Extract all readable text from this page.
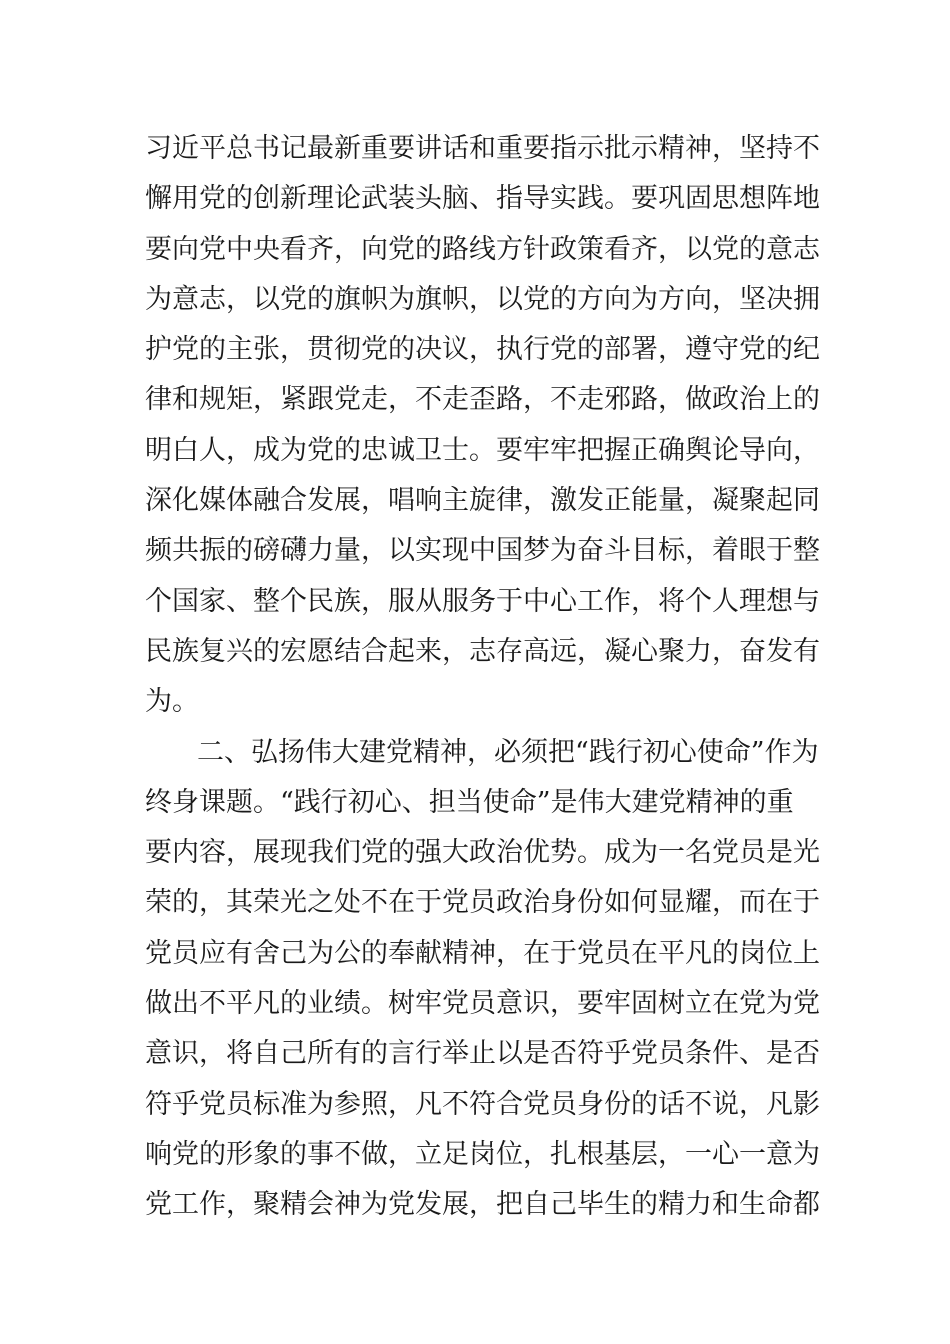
习近平总书记最新重要讲话和重要指示批示精神，坚持不
懈用党的创新理论武装头脑、指导实践。要巩固思想阵地
要向党中央看齐，向党的路线方针政策看齐，以党的意志
为意志，以党的旗帜为旗帜，以党的方向为方向，坚决拥
护党的主张，贯彻党的决议，执行党的部署，遵守党的纪
律和规矩，紧跟党走，不走歪路，不走邪路，做政治上的
明白人，成为党的忠诚卫士。要牢牢把握正确舆论导向，
深化媒体融合发展，唱响主旋律，激发正能量，凝聚起同
频共振的磅礴力量，以实现中国梦为奋斗目标，着眼于整
个国家、整个民族，服从服务于中心工作，将个人理想与
民族复兴的宏愿结合起来，志存高远，凝心聚力，奋发有
为。
二、弘扬伟大建党精神，必须把“践行初心使命”作为
终身课题。“践行初心、担当使命”是伟大建党精神的重
要内容，展现我们党的强大政治优势。成为一名党员是光
荣的，其荣光之处不在于党员政治身份如何显耀，而在于
党员应有舍己为公的奉献精神，在于党员在平凡的岗位上
做出不平凡的业绩。树牢党员意识，要牢固树立在党为党
意识，将自己所有的言行举止以是否符乎党员条件、是否
符乎党员标准为参照，凡不符合党员身份的话不说，凡影
响党的形象的事不做，立足岗位，扎根基层，一心一意为
党工作，聚精会神为党发展，把自己毕生的精力和生命都
